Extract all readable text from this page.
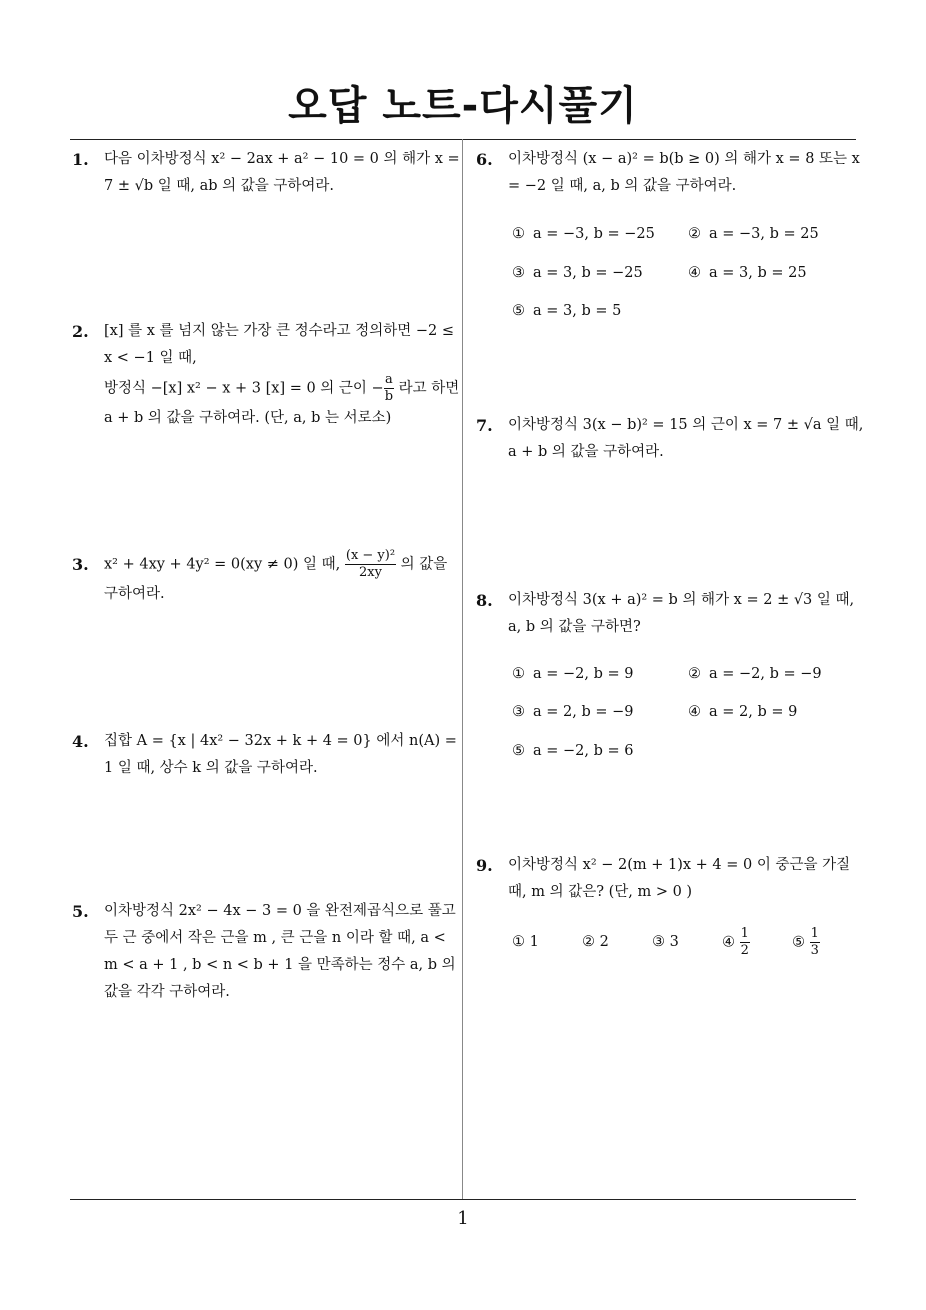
오답 노트-다시풀기
1
1 .	다음 이차방정식 x² − 2ax + a² − 10 = 0 의 해가 x = 7 ± √b 일 때, ab 의 값을 구하여라.

2 .	[x] 를 x 를 넘지 않는 가장 큰 정수라고 정의하면 −2 ≤ x < −1 일 때,
방정식 −[x] x² − x + 3 [x] = 0 의 근이 − $\frac{a}{b}$ 라고 하면 a + b 의 값을 구하여라. (단, a, b 는 서로소)

3 .	x² + 4xy + 4y² = 0(xy ≠ 0) 일 때, $\frac{\text{(x − y)²}}{2xy}$ 의 값을 구하여라.

4 .	집합 A = {x | 4x² − 32x + k + 4 = 0} 에서 n(A) = 1 일 때, 상수 k 의 값을 구하여라.

5 .	이차방정식 2x² − 4x − 3 = 0 을 완전제곱식으로 풀고 두 근 중에서 작은 근을 m , 큰 근을 n 이라 할 때, a < m < a + 1 , b < n < b + 1 을 만족하는 정수 a, b 의 값을 각각 구하여라.

6 .	이차방정식 (x − a)² = b(b ≥ 0) 의 해가 x = 8 또는 x = −2 일 때, a, b 의 값을 구하여라.

① a = −3, b = −25 ② a = −3, b = 25
③ a = 3, b = −25	④ a = 3, b = 25
⑤ a = 3, b = 5
7 .	이차방정식 3(x − b)² = 15 의 근이 x = 7 ± √a 일 때, a + b 의 값을 구하여라.

8 .	이차방정식 3(x + a)² = b 의 해가 x = 2 ± √3 일 때, a, b 의 값을 구하면?

① a = −2, b = 9	② a = −2, b = −9
③ a = 2, b = −9	④ a = 2, b = 9
⑤ a = −2, b = 6
9 .	이차방정식 x² − 2(m + 1)x + 4 = 0 이 중근을 가질 때, m 의 값은? (단, m > 0 )

① 1	② 2	③ 3	④ $\frac{1}{2}$	⑤ $\frac{1}{3}$
